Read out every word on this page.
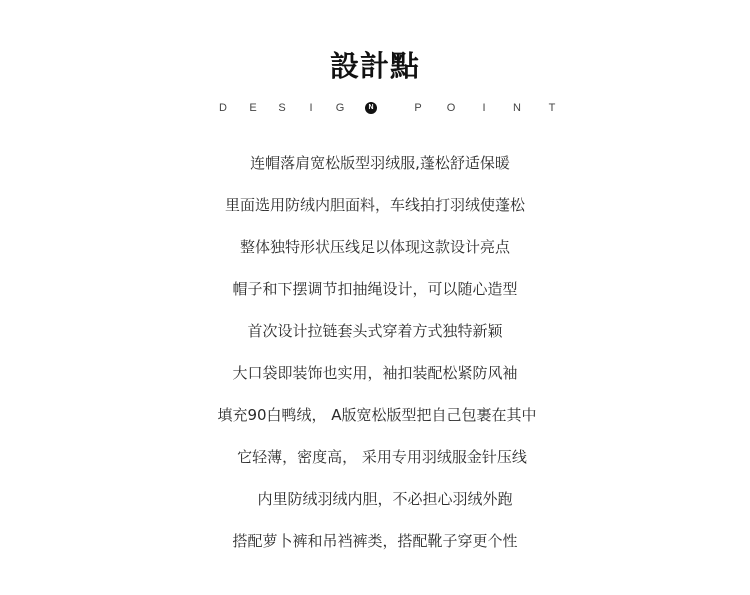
設計點
D E S I G	N	P O I N	T
连帽落肩宽松版型羽绒服,蓬松舒适保暖
里面选用防绒内胆面料，车线拍打羽绒使蓬松
整体独特形状压线足以体现这款设计亮点
帽子和下摆调节扣抽绳设计，可以随心造型
首次设计拉链套头式穿着方式独特新颖
大口袋即装饰也实用，袖扣装配松紧防风袖
填充90白鸭绒， A版宽松版型把自己包裹在其中
它轻薄，密度高， 采用专用羽绒服金针压线
内里防绒羽绒内胆，不必担心羽绒外跑
搭配萝卜裤和吊裆裤类，搭配靴子穿更个性
